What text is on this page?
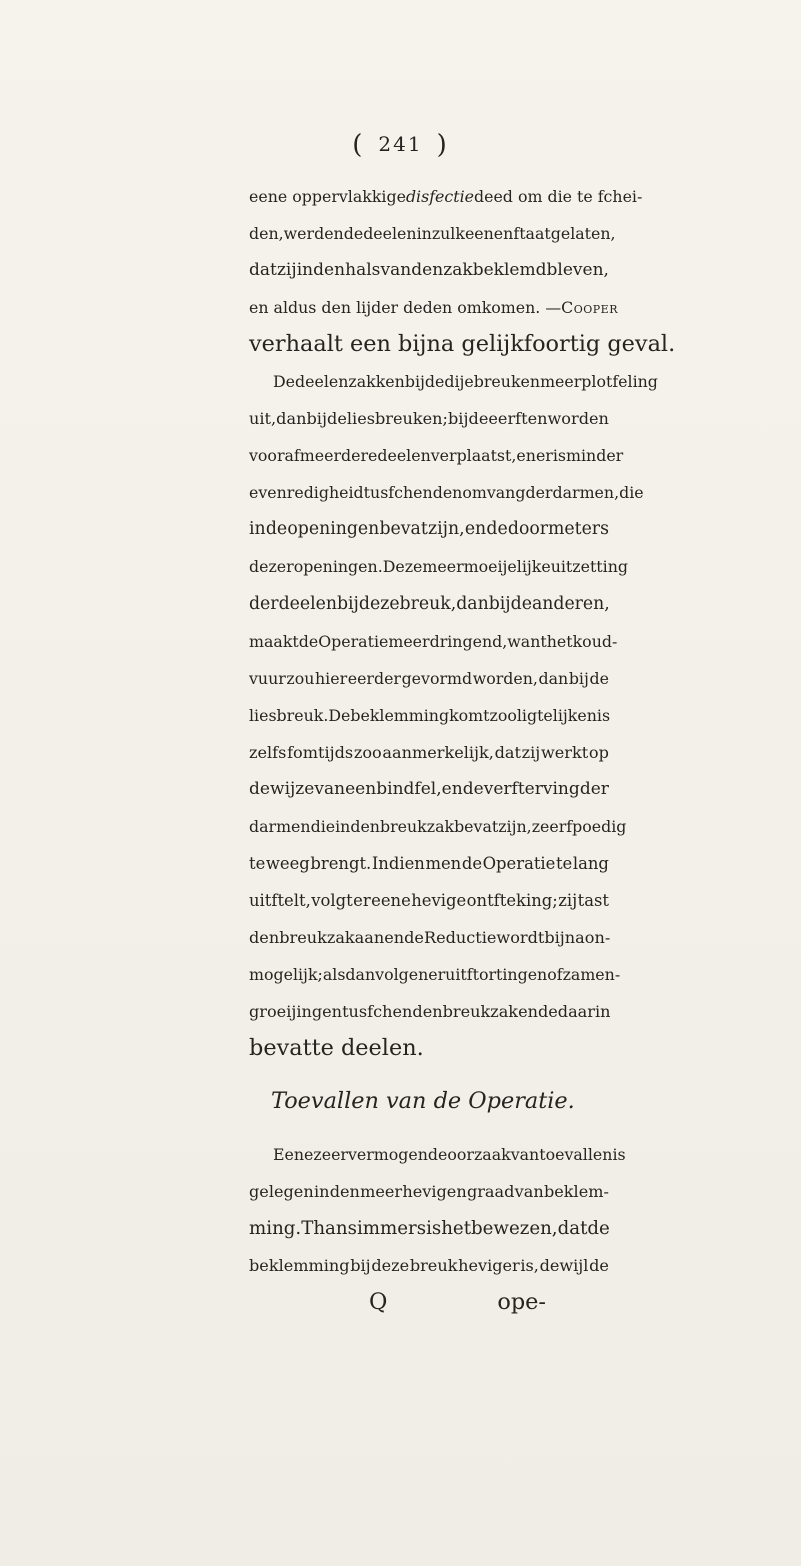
( 241 )
eene oppervlakkige disfectie deed om die te fchei-
den, werden de deelen in zulk eenen ftaat gelaten,
dat zij in den hals van den zak beklemd bleven,
en aldus den lijder deden omkomen. — Cooper
verhaalt een bijna gelijkfoortig geval.
De deelen zakken bij de dijebreuken meer plotfeling
uit, dan bij de liesbreuken; bij de eerften worden
vooraf meerdere deelen verplaatst, en er is minder
evenredigheid tusfchen den omvang der darmen, die
in de openingen bevat zijn, en de doormeters
dezer openingen. Deze meer moeijelijke uitzetting
der deelen bij deze breuk, dan bij de anderen,
maakt de Operatie meer dringend, want het koud-
vuur zou hier eerder gevormd worden, dan bij de
liesbreuk. De beklemming komt zoo ligtelijk en is
zelfs fomtijds zoo aanmerkelijk, dat zij werkt op
de wijze van een bindfel, en de verfterving der
darmen die in den breukzak bevat zijn, zeer fpoedig
te weeg brengt. Indien men de Operatie te lang
uitftelt, volgt er eene hevige ontfteking; zij tast
den breukzak aan en de Reductie wordt bijna on-
mogelijk; alsdan volgen er uitftortingen of zamen-
groeijingen tusfchen den breukzak en de daarin
bevatte deelen.
Toevallen van de Operatie.
Eene zeer vermogende oorzaak van toevallen is
gelegen in den meer hevigen graad van beklem-
ming. Thans immers is het bewezen, dat de
beklemming bij deze breuk heviger is, dewijl de
Q	ope-
